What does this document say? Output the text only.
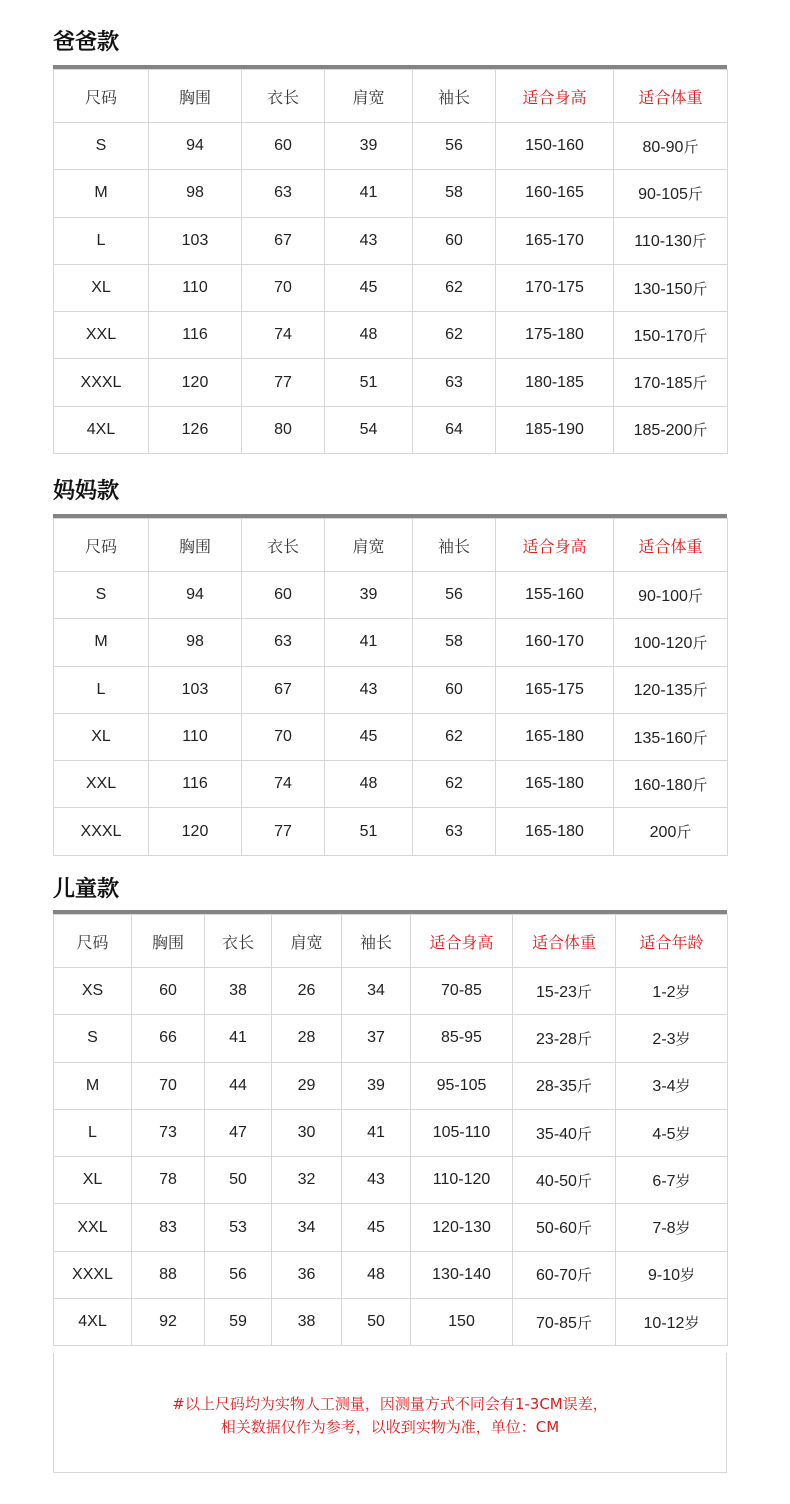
爸爸款
尺码	胸围	衣长	肩宽	袖长	适合身高	适合体重
S	94	60	39	56	150-160	80-90斤
M	98	63	41	58	160-165	90-105斤
L	103	67	43	60	165-170	110-130斤
XL	110	70	45	62	170-175	130-150斤
XXL	116	74	48	62	175-180	150-170斤
XXXL	120	77	51	63	180-185	170-185斤
4XL	126	80	54	64	185-190	185-200斤
妈妈款
尺码	胸围	衣长	肩宽	袖长	适合身高	适合体重
S	94	60	39	56	155-160	90-100斤
M	98	63	41	58	160-170	100-120斤
L	103	67	43	60	165-175	120-135斤
XL	110	70	45	62	165-180	135-160斤
XXL	116	74	48	62	165-180	160-180斤
XXXL	120	77	51	63	165-180	200斤
儿童款
尺码	胸围	衣长	肩宽	袖长	适合身高	适合体重	适合年龄
XS	60	38	26	34	70-85	15-23斤	1-2岁
S	66	41	28	37	85-95	23-28斤	2-3岁
M	70	44	29	39	95-105	28-35斤	3-4岁
L	73	47	30	41	105-110	35-40斤	4-5岁
XL	78	50	32	43	110-120	40-50斤	6-7岁
XXL	83	53	34	45	120-130	50-60斤	7-8岁
XXXL	88	56	36	48	130-140	60-70斤	9-10岁
4XL	92	59	38	50	150	70-85斤	10-12岁

#以上尺码均为实物人工测量，因测量方式不同会有1-3CM误差，

相关数据仅作为参考，以收到实物为准，单位：CM
